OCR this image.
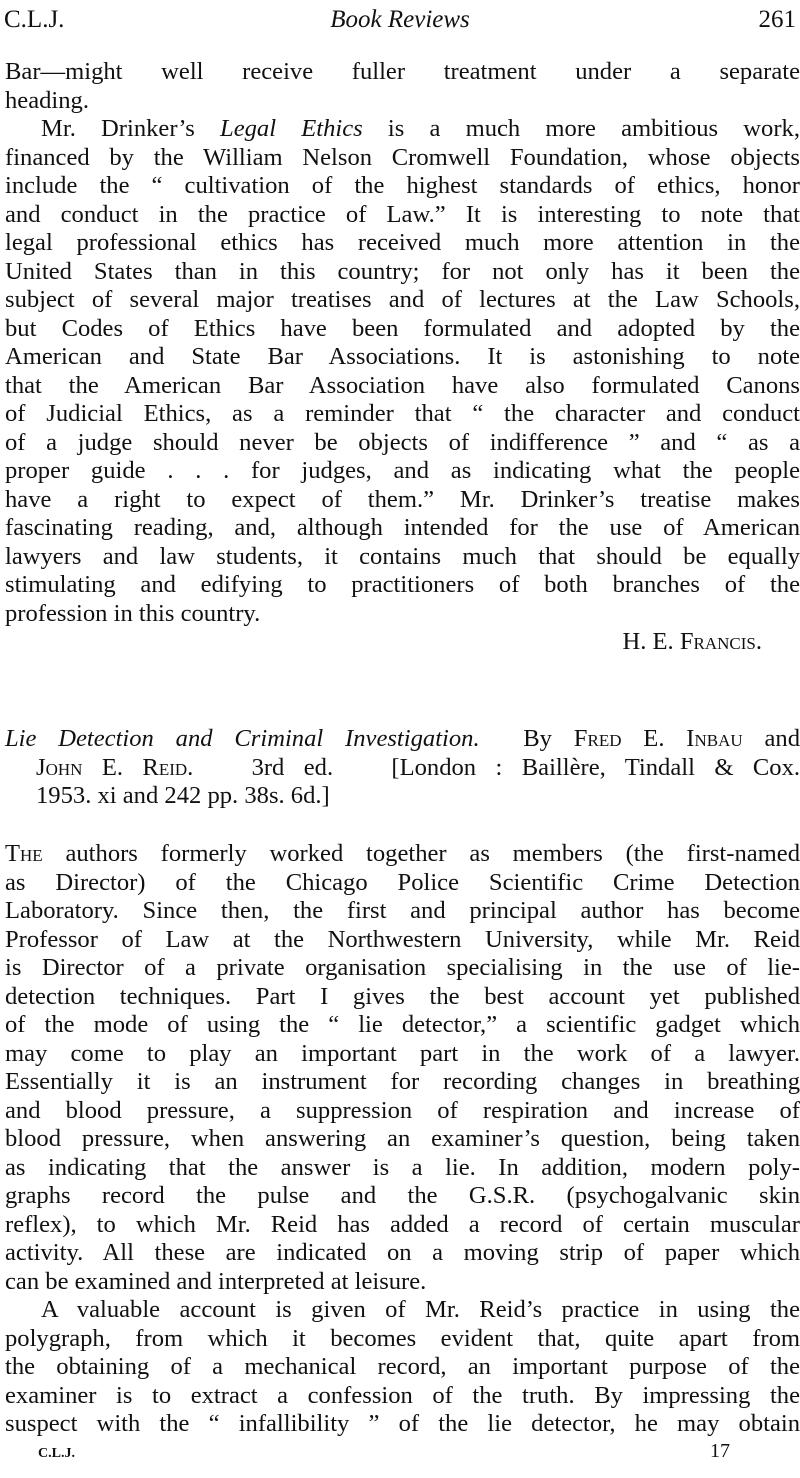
C.L.J.	Book Reviews	261
Bar—might well receive fuller treatment under a separate
heading.
Mr. Drinker’s Legal Ethics is a much more ambitious work,
financed by the William Nelson Cromwell Foundation, whose objects
include the “ cultivation of the highest standards of ethics, honor
and conduct in the practice of Law.” It is interesting to note that
legal professional ethics has received much more attention in the
United States than in this country; for not only has it been the
subject of several major treatises and of lectures at the Law Schools,
but Codes of Ethics have been formulated and adopted by the
American and State Bar Associations. It is astonishing to note
that the American Bar Association have also formulated Canons
of Judicial Ethics, as a reminder that “ the character and conduct
of a judge should never be objects of indifference ” and “ as a
proper guide . . . for judges, and as indicating what the people
have a right to expect of them.” Mr. Drinker’s treatise makes
fascinating reading, and, although intended for the use of American
lawyers and law students, it contains much that should be equally
stimulating and edifying to practitioners of both branches of the
profession in this country.
H. E. Francis.
Lie Detection and Criminal Investigation. By Fred E. Inbau and
John E. Reid. 3rd ed. [London : Baillère, Tindall & Cox.
1953. xi and 242 pp. 38s. 6d.]
The authors formerly worked together as members (the first-named
as Director) of the Chicago Police Scientific Crime Detection
Laboratory. Since then, the first and principal author has become
Professor of Law at the Northwestern University, while Mr. Reid
is Director of a private organisation specialising in the use of lie-
detection techniques. Part I gives the best account yet published
of the mode of using the “ lie detector,” a scientific gadget which
may come to play an important part in the work of a lawyer.
Essentially it is an instrument for recording changes in breathing
and blood pressure, a suppression of respiration and increase of
blood pressure, when answering an examiner’s question, being taken
as indicating that the answer is a lie. In addition, modern poly-
graphs record the pulse and the G.S.R. (psychogalvanic skin
reflex), to which Mr. Reid has added a record of certain muscular
activity. All these are indicated on a moving strip of paper which
can be examined and interpreted at leisure.
A valuable account is given of Mr. Reid’s practice in using the
polygraph, from which it becomes evident that, quite apart from
the obtaining of a mechanical record, an important purpose of the
examiner is to extract a confession of the truth. By impressing the
suspect with the “ infallibility ” of the lie detector, he may obtain
C.L.J.	17
